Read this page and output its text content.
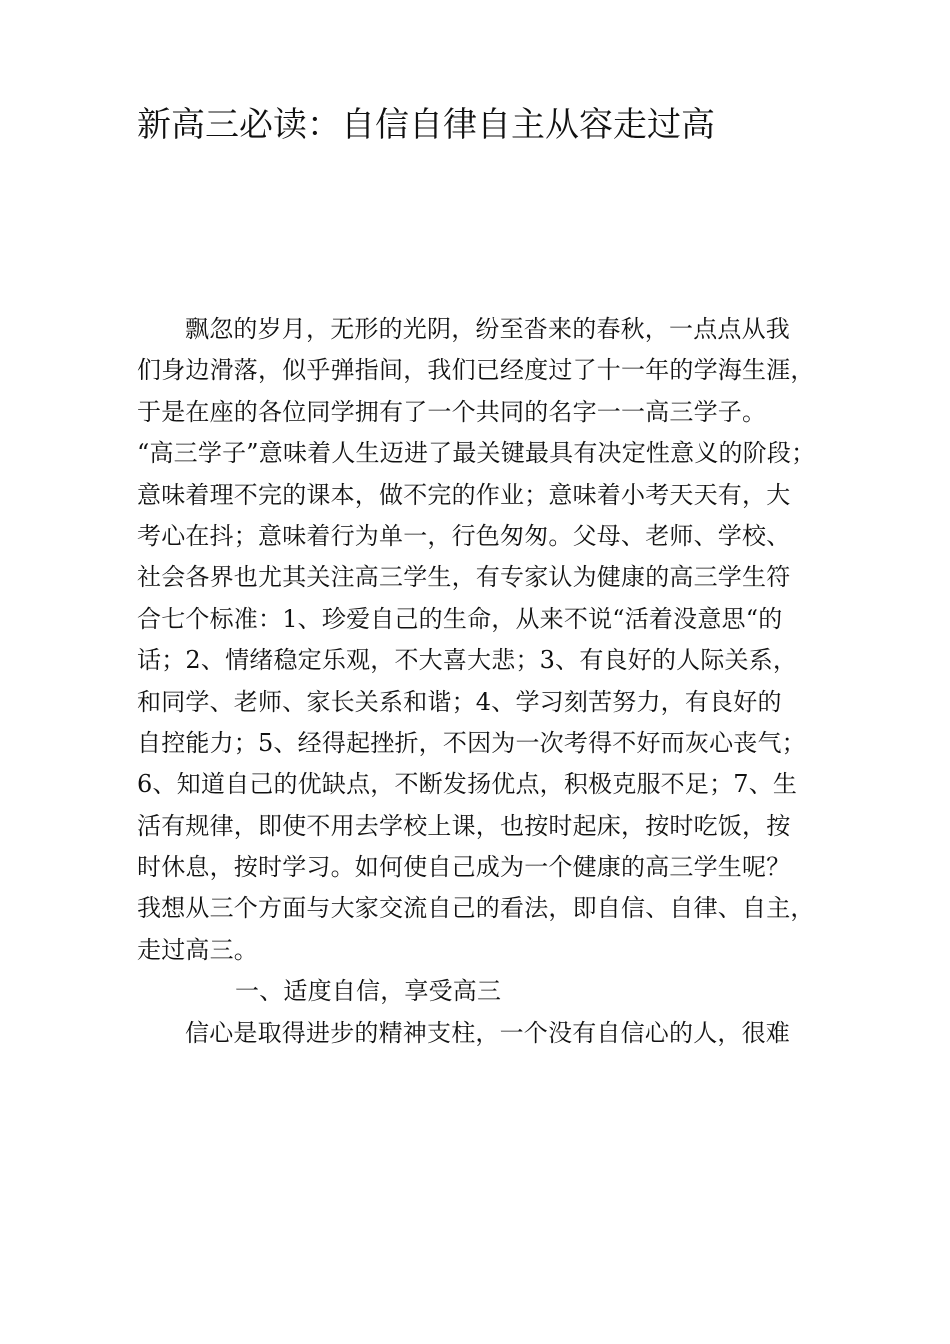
新高三必读：自信自律自主从容走过高
飘忽的岁月，无形的光阴，纷至沓来的春秋，一点点从我
们身边滑落，似乎弹指间，我们已经度过了十一年的学海生涯，
于是在座的各位同学拥有了一个共同的名字一一高三学子。
“高三学子”意味着人生迈进了最关键最具有决定性意义的阶段；
意味着理不完的课本，做不完的作业；意味着小考天天有，大
考心在抖；意味着行为单一，行色匆匆。父母、老师、学校、
社会各界也尤其关注高三学生，有专家认为健康的高三学生符
合七个标准：1、珍爱自己的生命，从来不说“活着没意思“的
话；2、情绪稳定乐观，不大喜大悲；3、有良好的人际关系，
和同学、老师、家长关系和谐；4、学习刻苦努力，有良好的
自控能力；5、经得起挫折，不因为一次考得不好而灰心丧气；
6、知道自己的优缺点，不断发扬优点，积极克服不足；7、生
活有规律，即使不用去学校上课，也按时起床，按时吃饭，按
时休息，按时学习。如何使自己成为一个健康的高三学生呢？
我想从三个方面与大家交流自己的看法，即自信、自律、自主，
走过高三。
一、适度自信，享受高三
信心是取得进步的精神支柱，一个没有自信心的人，很难
